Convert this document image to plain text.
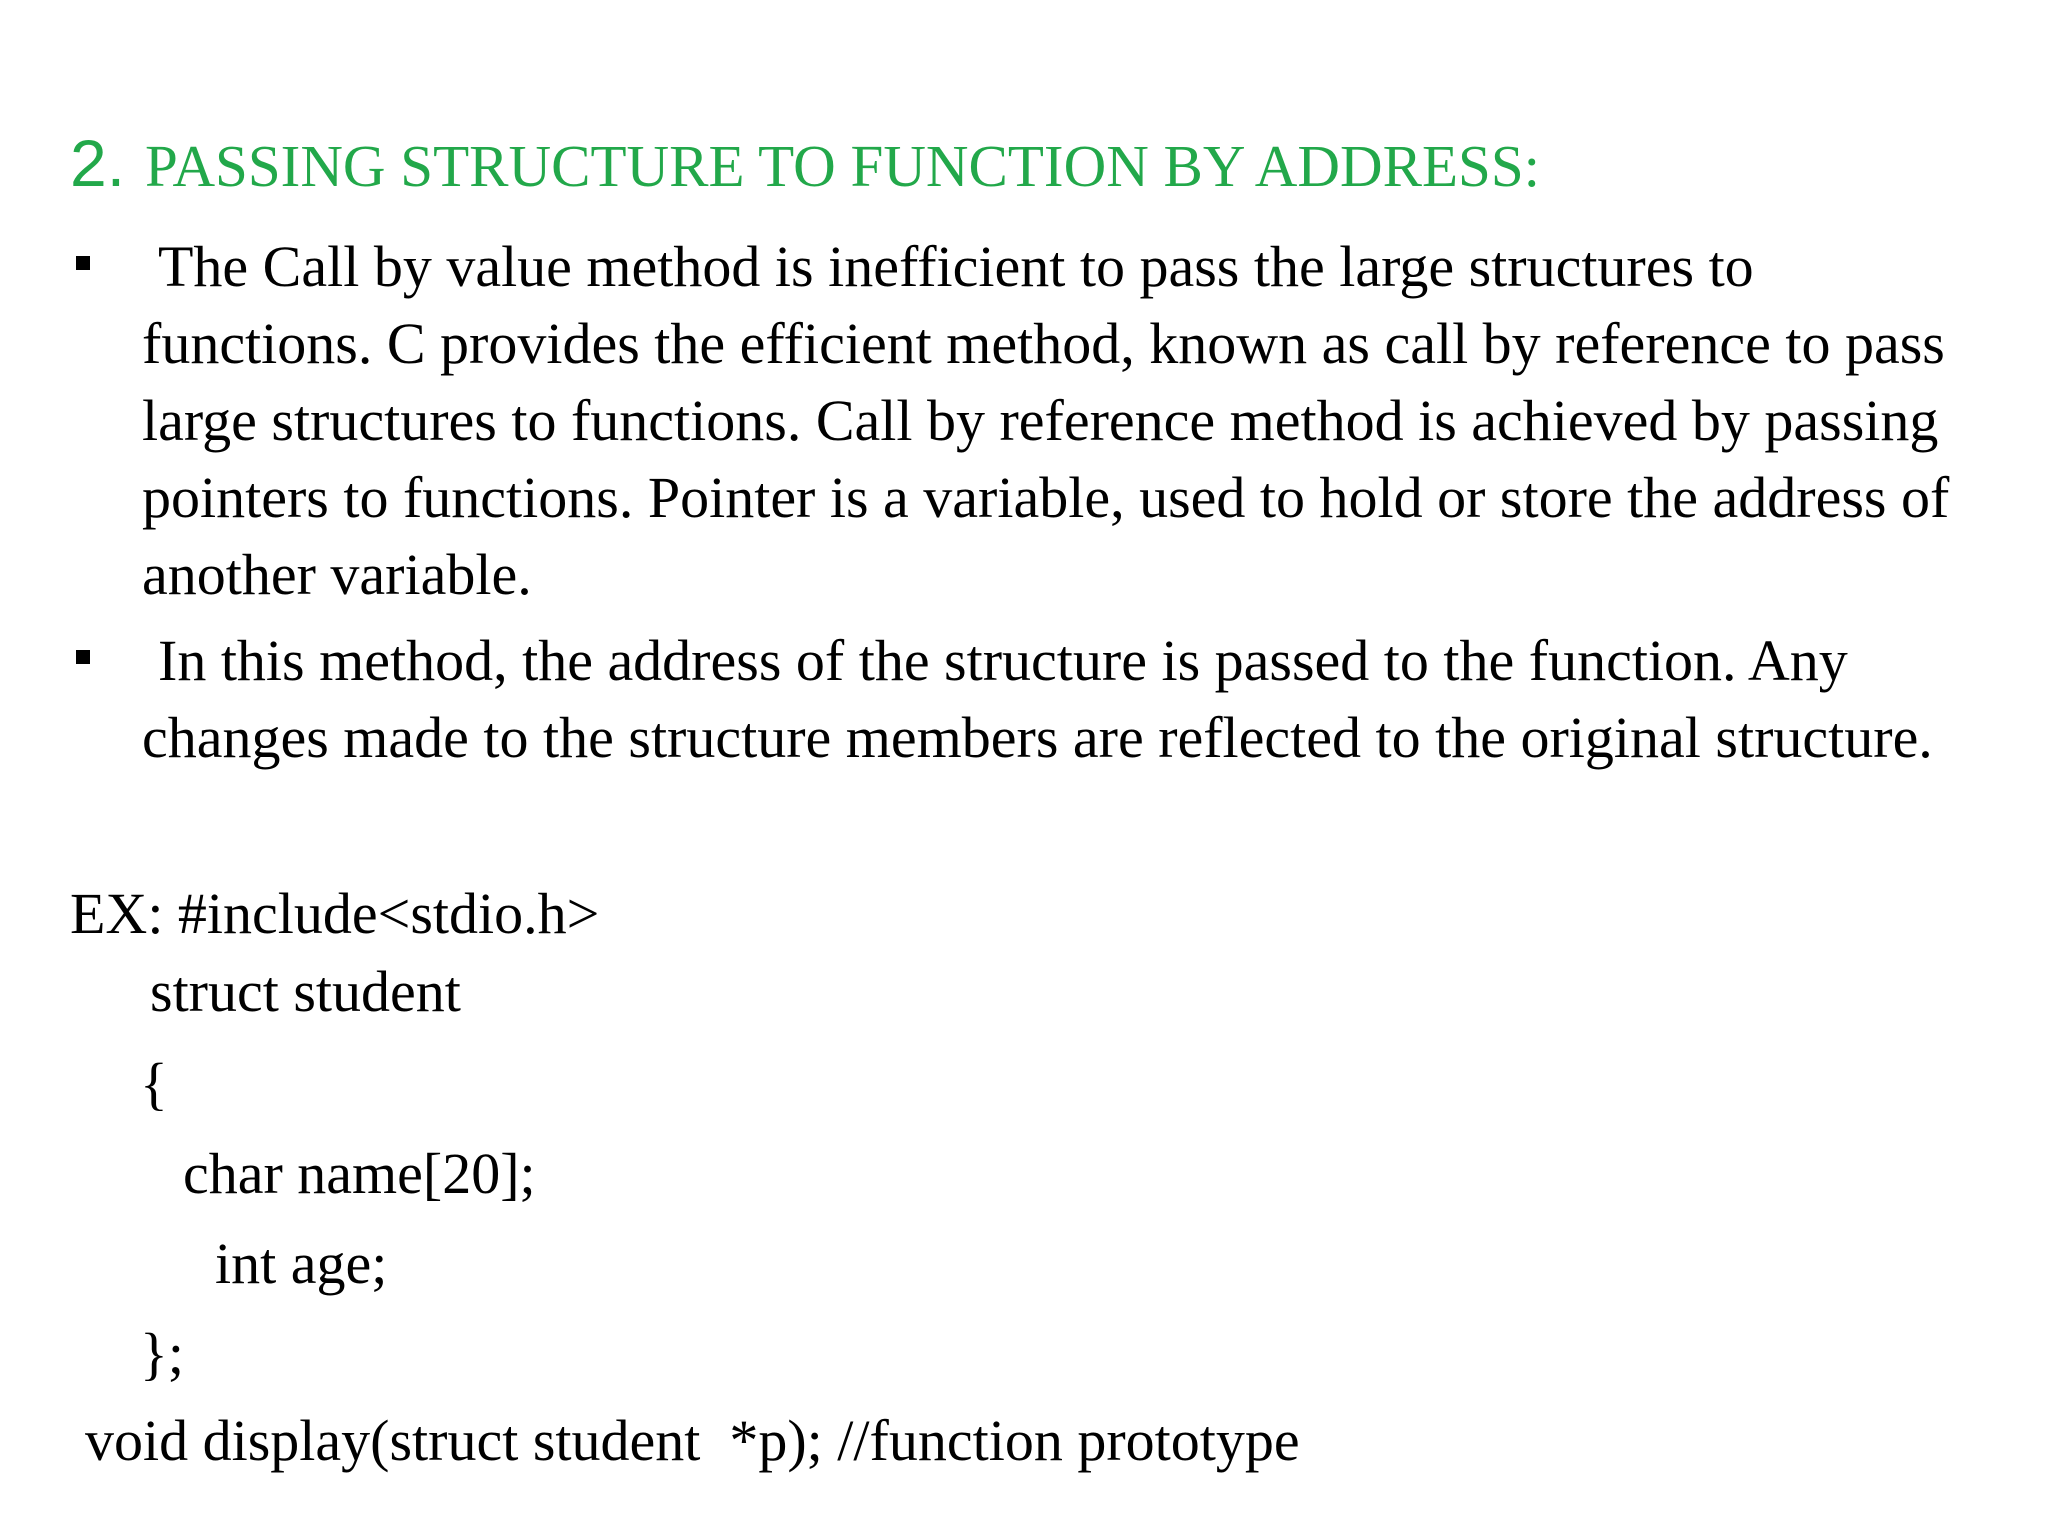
2. PASSING STRUCTURE TO FUNCTION BY ADDRESS:
The Call by value method is inefficient to pass the large structures to functions. C provides the efficient method, known as call by reference to pass large structures to functions. Call by reference method is achieved by passing pointers to functions. Pointer is a variable, used to hold or store the address of another variable.
In this method, the address of the structure is passed to the function. Any changes made to the structure members are reflected to the original structure.
EX: #include<stdio.h>
struct student
{
char name[20];
int age;
};
void display(struct student  *p); //function prototype
